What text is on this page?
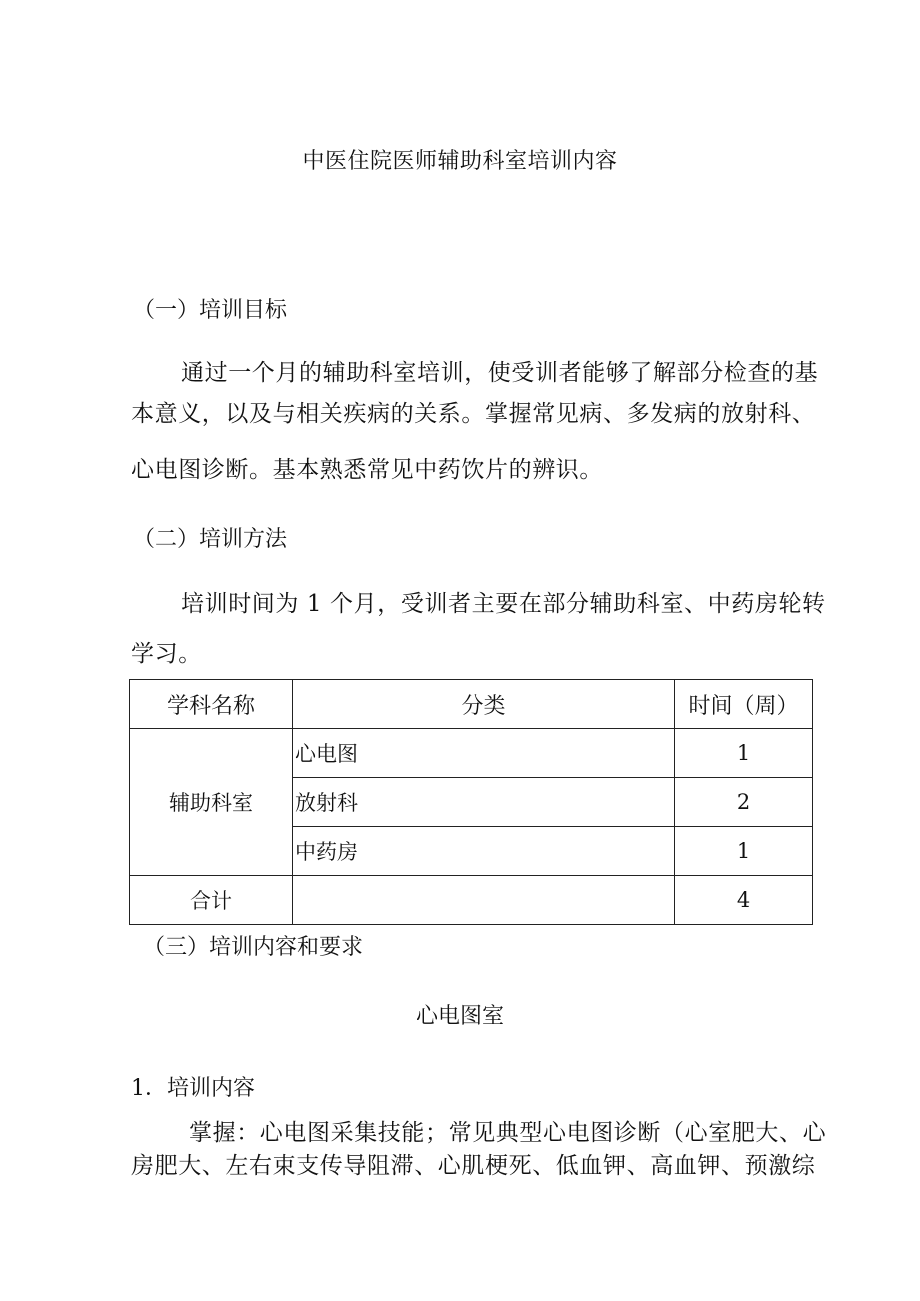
中医住院医师辅助科室培训内容
（一）培训目标
通过一个月的辅助科室培训，使受训者能够了解部分检查的基
本意义，以及与相关疾病的关系。掌握常见病、多发病的放射科、
心电图诊断。基本熟悉常见中药饮片的辨识。
（二）培训方法
培训时间为 1 个月，受训者主要在部分辅助科室、中药房轮转
学习。
学科名称	分类	时间（周）
辅助科室	心电图	1
	放射科	2
	中药房	1
合计		4
（三）培训内容和要求
心电图室
1．培训内容
掌握：心电图采集技能；常见典型心电图诊断（心室肥大、心
房肥大、左右束支传导阻滞、心肌梗死、低血钾、高血钾、预激综
